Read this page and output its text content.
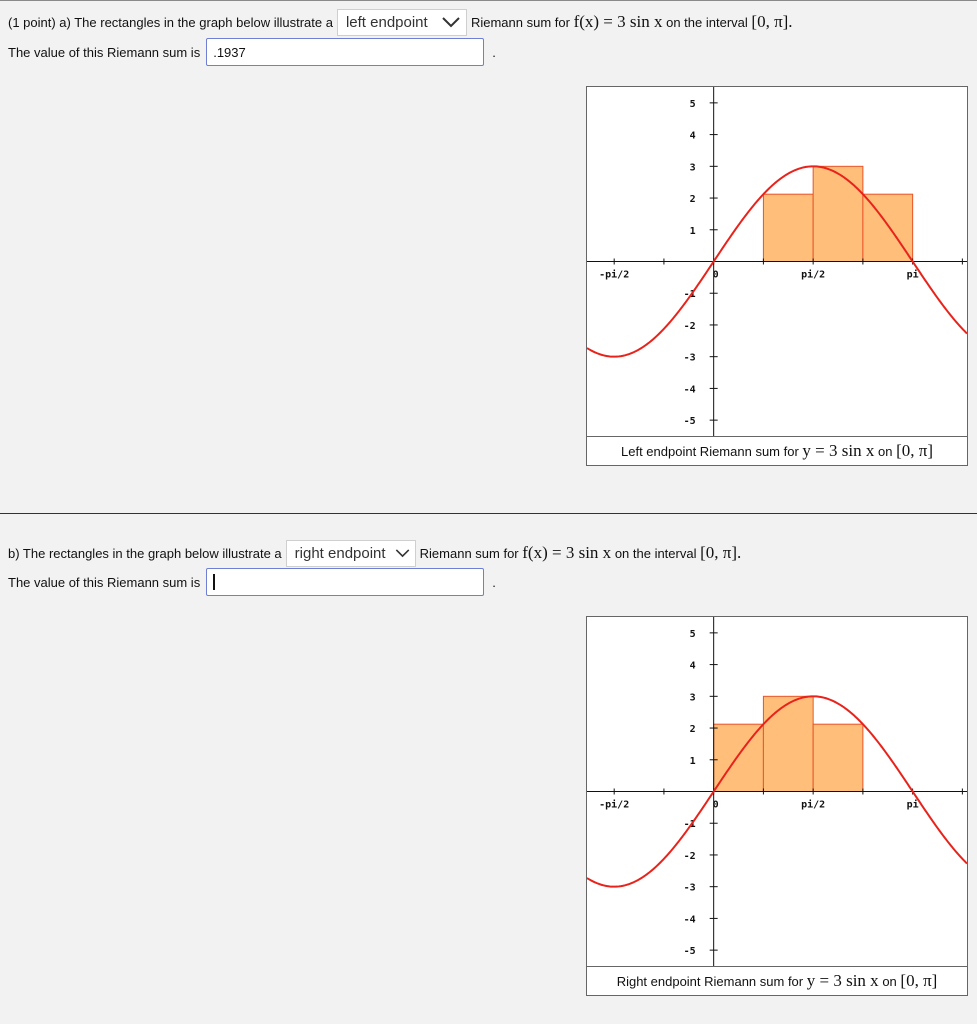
(1 point) a) The rectangles in the graph below illustrate a left endpoint	Riemann sum for
f(x) = 3 sin x
on the interval
[0, π].
The value of this Riemann sum is .1937	.
-5
-4
-3
-2
-1
1
2
3
4
5
-pi/2	0	pi/2	pi
Left endpoint Riemann sum for
y = 3 sin x
on
[0, π]
b) The rectangles in the graph below illustrate a right endpoint	Riemann sum for
f(x) = 3 sin x
on the interval
[0, π].
The value of this Riemann sum is	.
-5
-4
-3
-2
-1
1
2
3
4
5
-pi/2	0	pi/2	pi
Right endpoint Riemann sum for
y = 3 sin x
on
[0, π]
